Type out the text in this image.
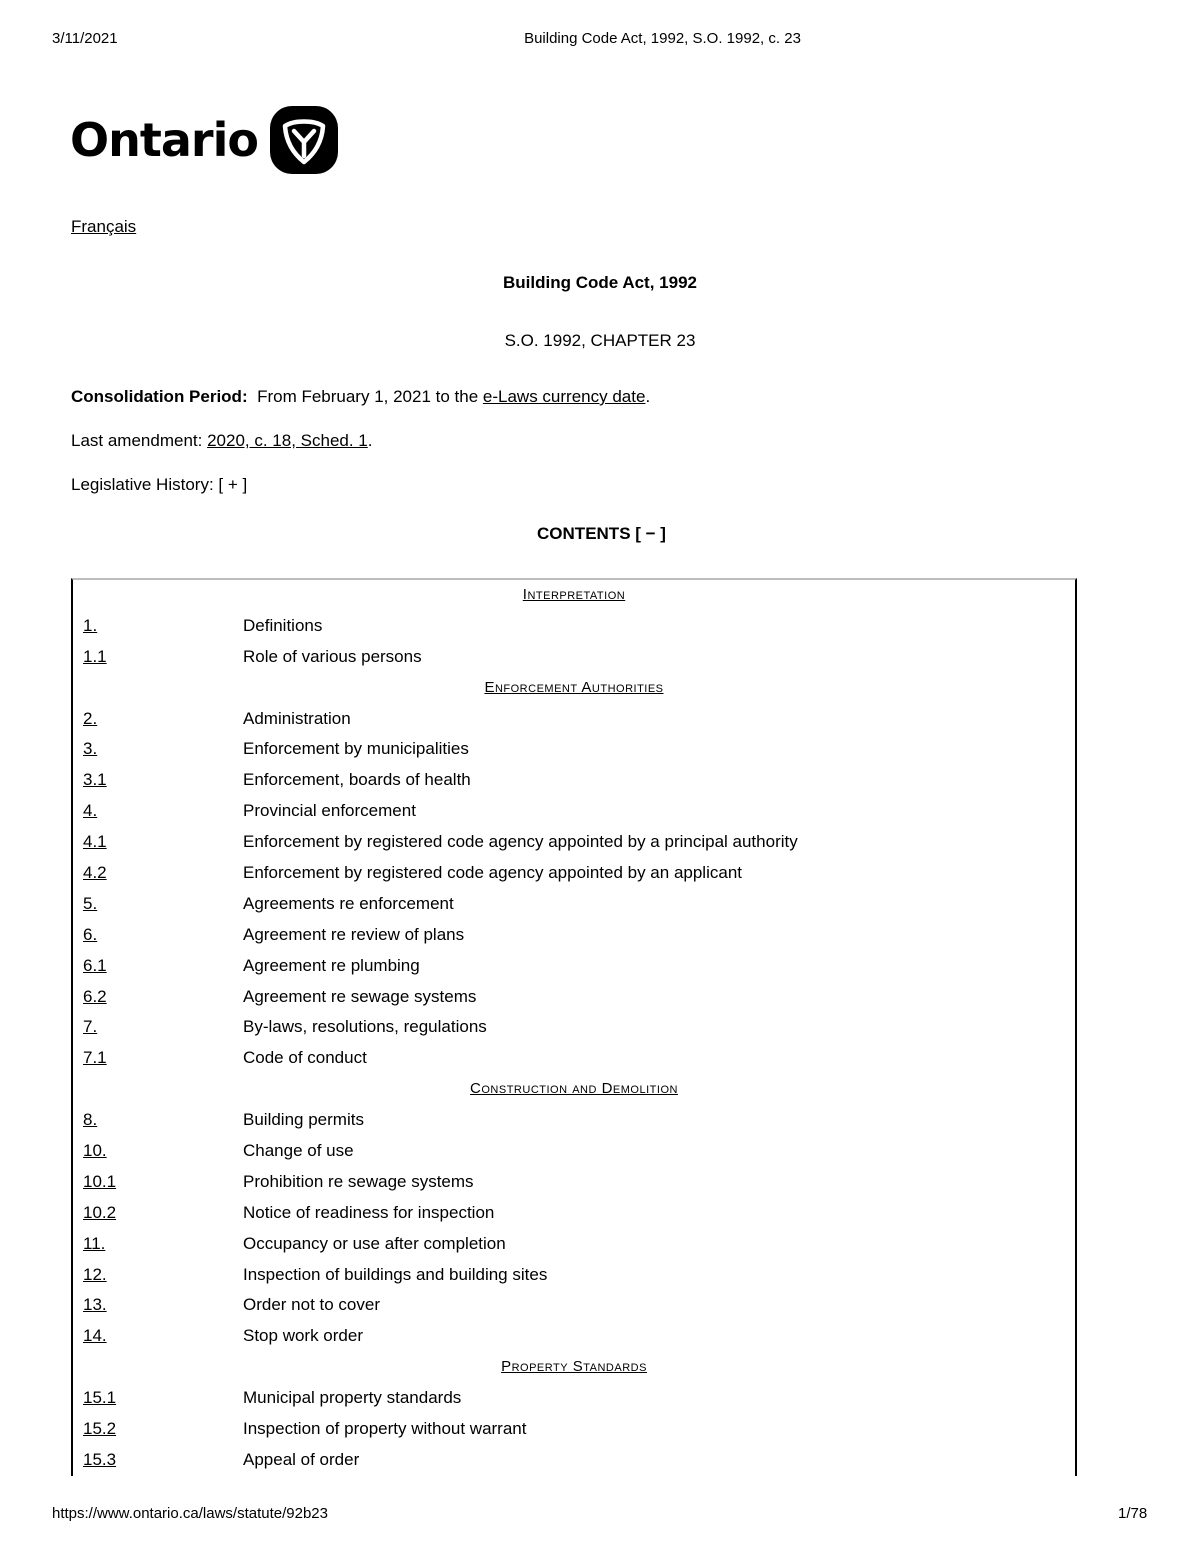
3/11/2021	Building Code Act, 1992, S.O. 1992, c. 23
Ontario
Français
Building Code Act, 1992
S.O. 1992, CHAPTER 23
Consolidation Period: From February 1, 2021 to the e-Laws currency date.
Last amendment: 2020, c. 18, Sched. 1.
Legislative History: [ + ]
CONTENTS [ − ]
Interpretation
1.	Definitions
1.1	Role of various persons
Enforcement Authorities
2.	Administration
3.	Enforcement by municipalities
3.1	Enforcement, boards of health
4.	Provincial enforcement
4.1	Enforcement by registered code agency appointed by a principal authority
4.2	Enforcement by registered code agency appointed by an applicant
5.	Agreements re enforcement
6.	Agreement re review of plans
6.1	Agreement re plumbing
6.2	Agreement re sewage systems
7.	By-laws, resolutions, regulations
7.1	Code of conduct
Construction and Demolition
8.	Building permits
10.	Change of use
10.1	Prohibition re sewage systems
10.2	Notice of readiness for inspection
11.	Occupancy or use after completion
12.	Inspection of buildings and building sites
13.	Order not to cover
14.	Stop work order
Property Standards
15.1	Municipal property standards
15.2	Inspection of property without warrant
15.3	Appeal of order
https://www.ontario.ca/laws/statute/92b23	1/78
